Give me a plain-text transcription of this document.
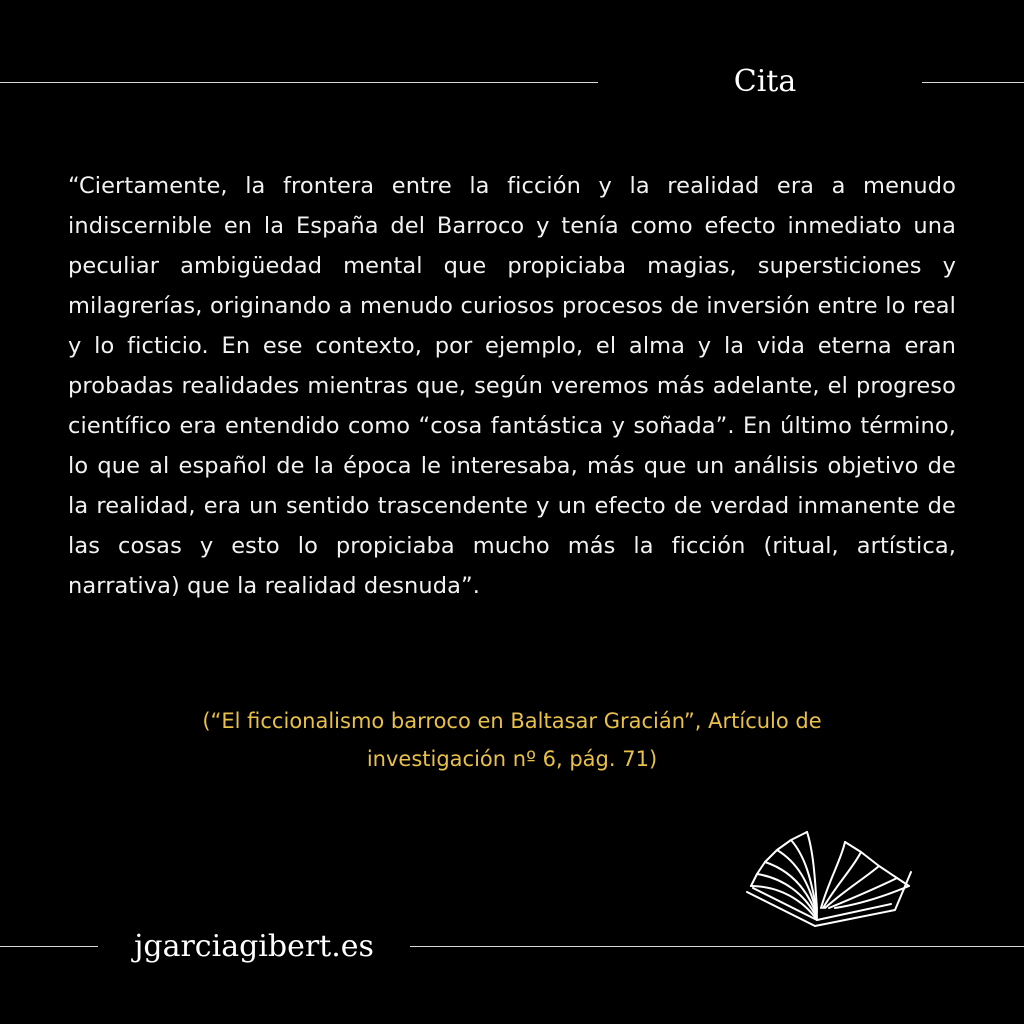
Cita

“Ciertamente, la frontera entre la ficción y la realidad era a menudo indiscernible en la España del Barroco y tenía como efecto inmediato una peculiar ambigüedad mental que propiciaba magias, supersticiones y milagrerías, originando a menudo curiosos procesos de inversión entre lo real y lo ficticio. En ese contexto, por ejemplo, el alma y la vida eterna eran probadas realidades mientras que, según veremos más adelante, el progreso científico era entendido como “cosa fantástica y soñada”. En último término, lo que al español de la época le interesaba, más que un análisis objetivo de la realidad, era un sentido trascendente y un efecto de verdad inmanente de las cosas y esto lo propiciaba mucho más la ficción (ritual, artística, narrativa) que la realidad desnuda”.

(“El ficcionalismo barroco en Baltasar Gracián”, Artículo de
investigación nº 6, pág. 71)

jgarciagibert.es
